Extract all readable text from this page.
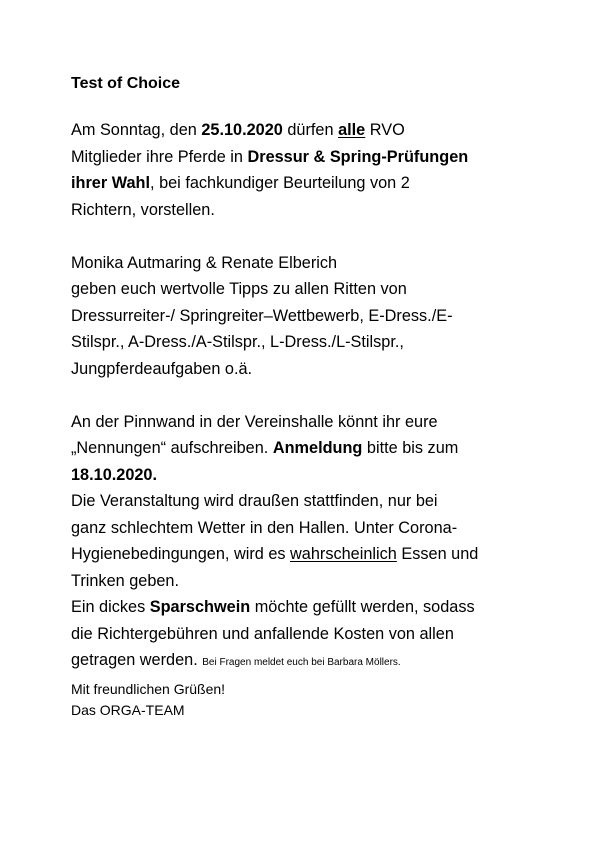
Test of Choice
Am Sonntag, den 25.10.2020 dürfen alle RVO
Mitglieder ihre Pferde in Dressur & Spring-Prüfungen
ihrer Wahl, bei fachkundiger Beurteilung von 2
Richtern, vorstellen.
Monika Autmaring & Renate Elberich
geben euch wertvolle Tipps zu allen Ritten von
Dressurreiter-/ Springreiter–Wettbewerb, E-Dress./E-
Stilspr., A-Dress./A-Stilspr., L-Dress./L-Stilspr.,
Jungpferdeaufgaben o.ä.
An der Pinnwand in der Vereinshalle könnt ihr eure
„Nennungen“ aufschreiben. Anmeldung bitte bis zum
18.10.2020.
Die Veranstaltung wird draußen stattfinden, nur bei
ganz schlechtem Wetter in den Hallen. Unter Corona-
Hygienebedingungen, wird es wahrscheinlich Essen und
Trinken geben.
Ein dickes Sparschwein möchte gefüllt werden, sodass
die Richtergebühren und anfallende Kosten von allen
getragen werden. Bei Fragen meldet euch bei Barbara Möllers.
Mit freundlichen Grüßen!
Das ORGA-TEAM
